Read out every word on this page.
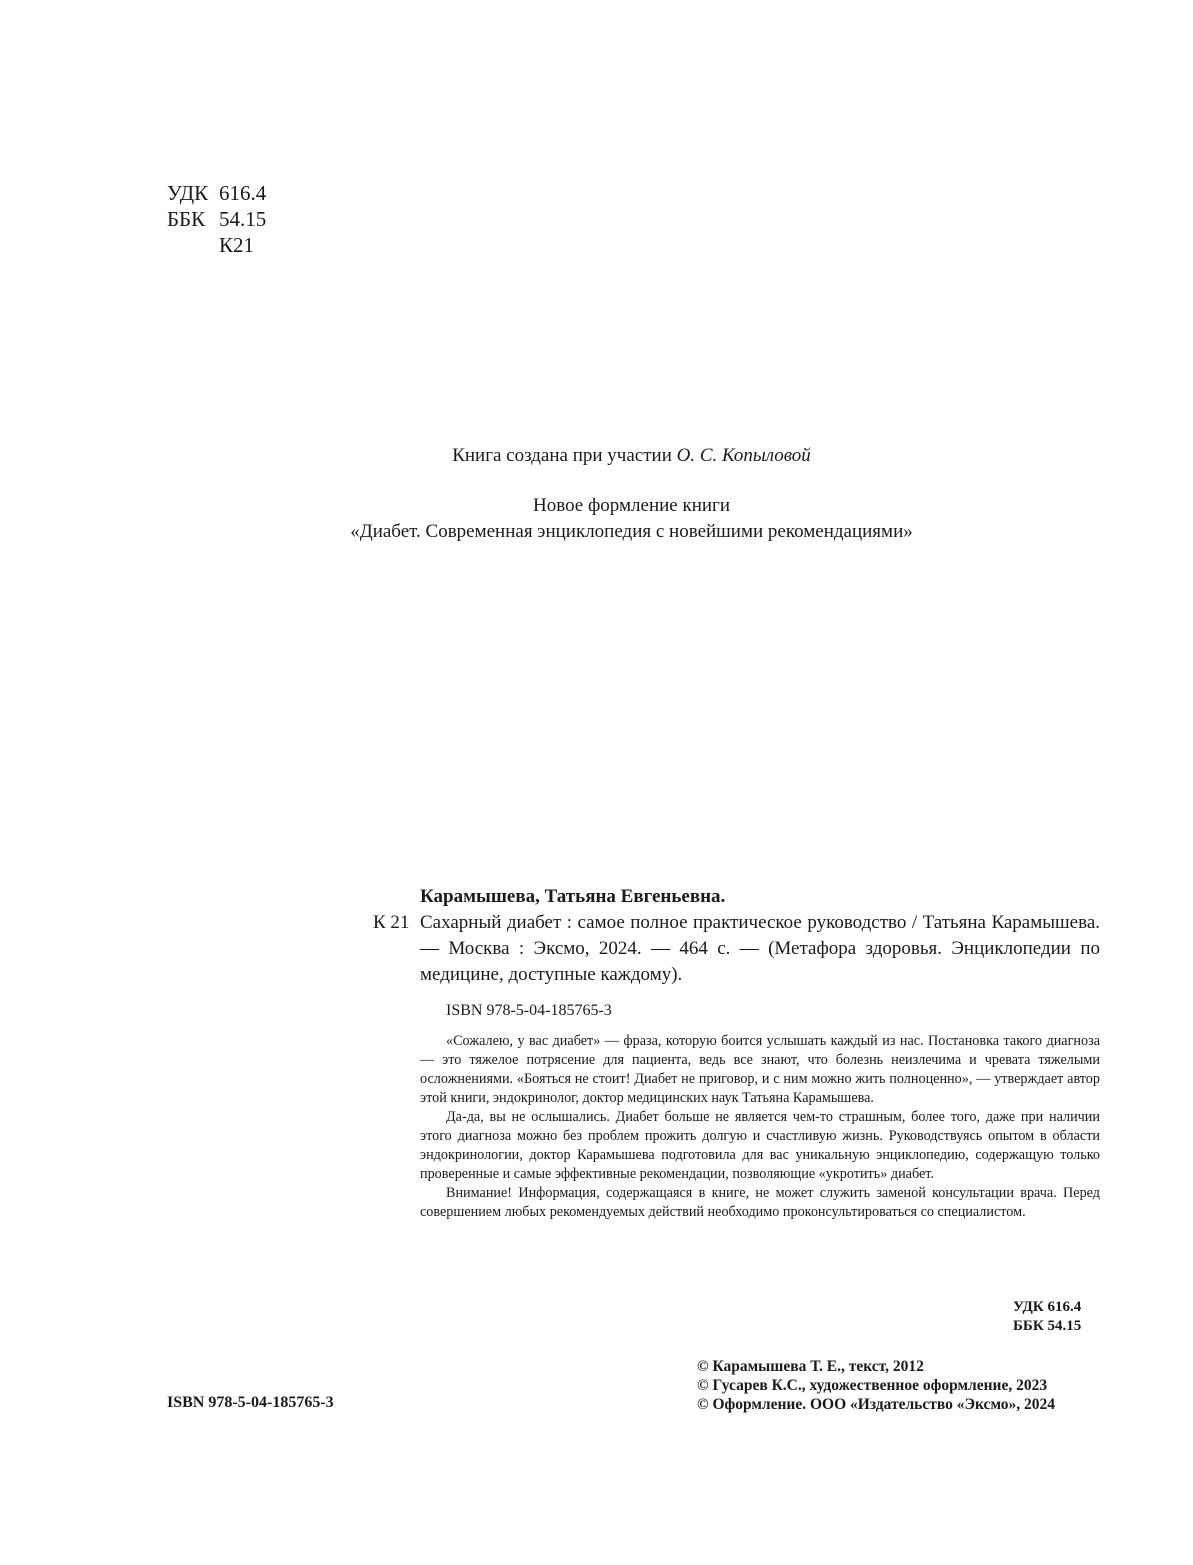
УДК 616.4
ББК 54.15
К21
Книга создана при участии О. С. Копыловой
Новое формление книги
«Диабет. Современная энциклопедия с новейшими рекомендациями»
Карамышева, Татьяна Евгеньевна.
К 21 Сахарный диабет : самое полное практическое руководство / Татьяна Карамышева. — Москва : Эксмо, 2024. — 464 с. — (Метафора здоровья. Энциклопедии по медицине, доступные каждому).
ISBN 978-5-04-185765-3

«Сожалею, у вас диабет» — фраза, которую боится услышать каждый из нас. Постановка такого диагноза — это тяжелое потрясение для пациента, ведь все знают, что болезнь неизлечима и чревата тяжелыми осложнениями. «Бояться не стоит! Диабет не приговор, и с ним можно жить полноценно», — утверждает автор этой книги, эндокринолог, доктор медицинских наук Татьяна Карамышева.

Да-да, вы не ослышались. Диабет больше не является чем-то страшным, более того, даже при наличии этого диагноза можно без проблем прожить долгую и счастливую жизнь. Руководствуясь опытом в области эндокринологии, доктор Карамышева подготовила для вас уникальную энциклопедию, содержащую только проверенные и самые эффективные рекомендации, позволяющие «укротить» диабет.

Внимание! Информация, содержащаяся в книге, не может служить заменой консультации врача. Перед совершением любых рекомендуемых действий необходимо проконсультироваться со специалистом.

УДК 616.4
ББК 54.15
© Карамышева Т. Е., текст, 2012
© Гусарев К.С., художественное оформление, 2023
© Оформление. ООО «Издательство «Эксмо», 2024
ISBN 978-5-04-185765-3
